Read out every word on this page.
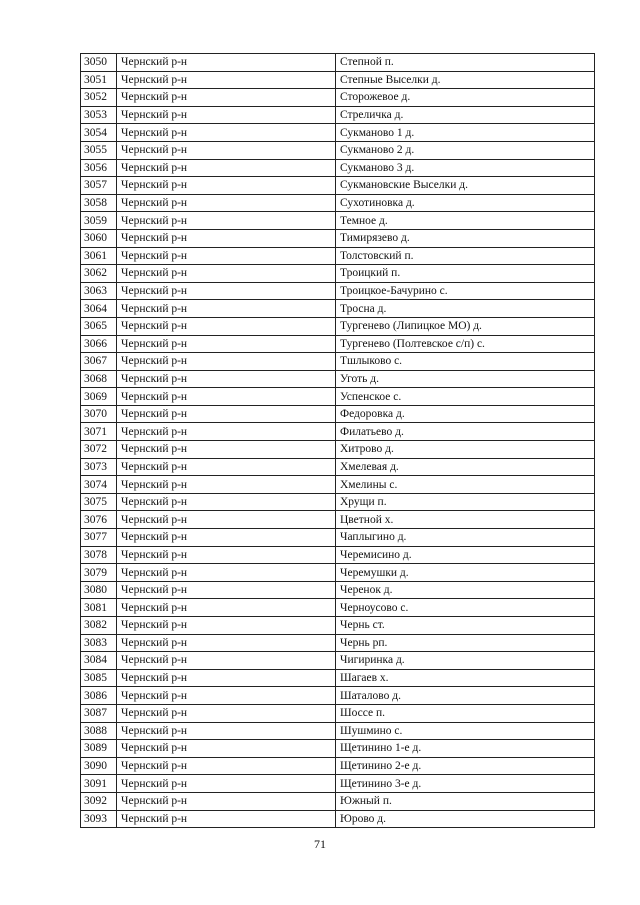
3050	Чернский р-н	Степной п.
3051	Чернский р-н	Степные Выселки д.
3052	Чернский р-н	Сторожевое д.
3053	Чернский р-н	Стреличка д.
3054	Чернский р-н	Сукманово 1 д.
3055	Чернский р-н	Сукманово 2 д.
3056	Чернский р-н	Сукманово 3 д.
3057	Чернский р-н	Сукмановские Выселки д.
3058	Чернский р-н	Сухотиновка д.
3059	Чернский р-н	Темное д.
3060	Чернский р-н	Тимирязево д.
3061	Чернский р-н	Толстовский п.
3062	Чернский р-н	Троицкий п.
3063	Чернский р-н	Троицкое-Бачурино с.
3064	Чернский р-н	Тросна д.
3065	Чернский р-н	Тургенево (Липицкое МО) д.
3066	Чернский р-н	Тургенево (Полтевское с/п) с.
3067	Чернский р-н	Тшлыково с.
3068	Чернский р-н	Уготь д.
3069	Чернский р-н	Успенское с.
3070	Чернский р-н	Федоровка д.
3071	Чернский р-н	Филатьево д.
3072	Чернский р-н	Хитрово д.
3073	Чернский р-н	Хмелевая д.
3074	Чернский р-н	Хмелины с.
3075	Чернский р-н	Хрущи п.
3076	Чернский р-н	Цветной х.
3077	Чернский р-н	Чаплыгино д.
3078	Чернский р-н	Черемисино д.
3079	Чернский р-н	Черемушки д.
3080	Чернский р-н	Черенок д.
3081	Чернский р-н	Черноусово с.
3082	Чернский р-н	Чернь ст.
3083	Чернский р-н	Чернь рп.
3084	Чернский р-н	Чигиринка д.
3085	Чернский р-н	Шагаев х.
3086	Чернский р-н	Шаталово д.
3087	Чернский р-н	Шоссе п.
3088	Чернский р-н	Шушмино с.
3089	Чернский р-н	Щетинино 1-е д.
3090	Чернский р-н	Щетинино 2-е д.
3091	Чернский р-н	Щетинино 3-е д.
3092	Чернский р-н	Южный п.
3093	Чернский р-н	Юрово д.
71
